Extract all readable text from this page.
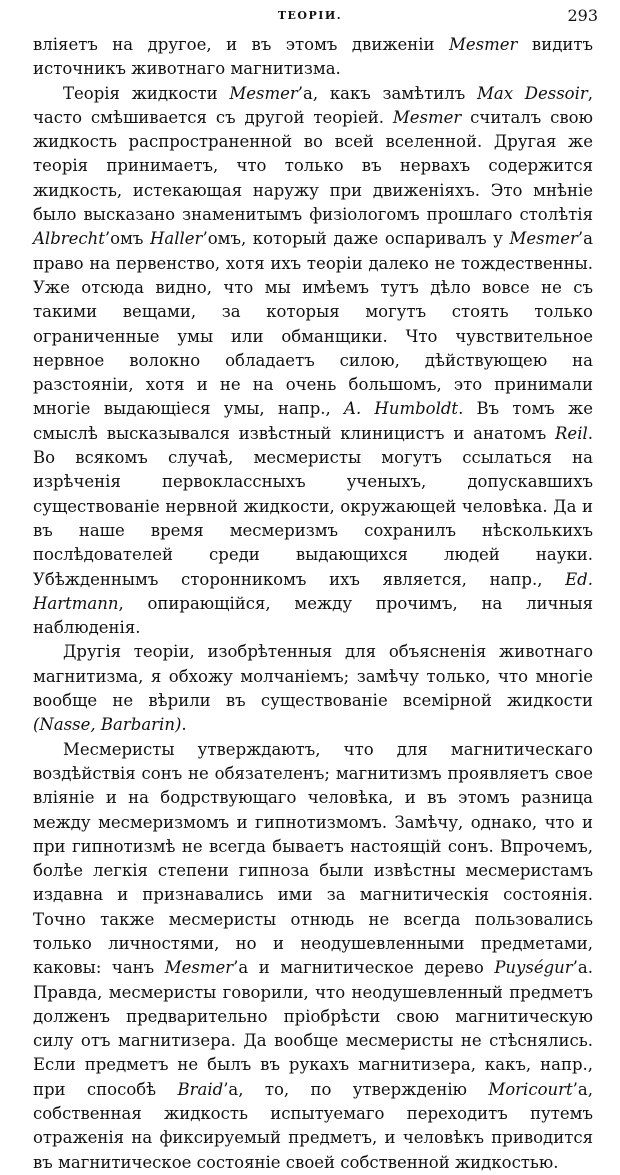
ТЕОРІИ.	293

вліяетъ на другое, и въ этомъ движеніи Mesmer видитъ источникъ животнаго магнитизма.

Теорія жидкости Mesmer’а, какъ замѣтилъ Max Dessoir, часто смѣшивается съ другой теоріей. Mesmer считалъ свою жидкость распространенной во всей вселенной. Другая же теорія принимаетъ, что только въ нервахъ содержится жидкость, истекающая наружу при движеніяхъ. Это мнѣніе было высказано знаменитымъ физіологомъ прошлаго столѣтія Albrecht’омъ Haller’омъ, который даже оспаривалъ у Mesmer’а право на первенство, хотя ихъ теоріи далеко не тождественны. Уже отсюда видно, что мы имѣемъ тутъ дѣло вовсе не съ такими вещами, за которыя могутъ стоять только ограниченные умы или обманщики. Что чувствительное нервное волокно обладаетъ силою, дѣйствующею на разстояніи, хотя и не на очень большомъ, это принимали многіе выдающіеся умы, напр., A. Humboldt. Въ томъ же смыслѣ высказывался извѣстный клиницистъ и анатомъ Reil. Во всякомъ случаѣ, месмеристы могутъ ссылаться на изрѣченія первоклассныхъ ученыхъ, допускавшихъ существованіе нервной жидкости, окружающей человѣка. Да и въ наше время месмеризмъ сохранилъ нѣсколькихъ послѣдователей среди выдающихся людей науки. Убѣжденнымъ сторонникомъ ихъ является, напр., Ed. Hartmann, опирающійся, между прочимъ, на личныя наблюденія.

Другія теоріи, изобрѣтенныя для объясненія животнаго магнитизма, я обхожу молчаніемъ; замѣчу только, что многіе вообще не вѣрили въ существованіе всемірной жидкости (Nasse, Barbarin).

Месмеристы утверждаютъ, что для магнитическаго воздѣйствія сонъ не обязателенъ; магнитизмъ проявляетъ свое вліяніе и на бодрствующаго человѣка, и въ этомъ разница между месмеризмомъ и гипнотизмомъ. Замѣчу, однако, что и при гипнотизмѣ не всегда бываетъ настоящій сонъ. Впрочемъ, болѣе легкія степени гипноза были извѣстны месмеристамъ издавна и признавались ими за магнитическія состоянія. Точно также месмеристы отнюдь не всегда пользовались только личностями, но и неодушевленными предметами, каковы: чанъ Mesmer’а и магнитическое дерево Puységur’а. Правда, месмеристы говорили, что неодушевленный предметъ долженъ предварительно пріобрѣсти свою магнитическую силу отъ магнитизера. Да вообще месмеристы не стѣснялись. Если предметъ не былъ въ рукахъ магнитизера, какъ, напр., при способѣ Braid’а, то, по утвержденію Moricourt’а, собственная жидкость испытуемаго переходитъ путемъ отраженія на фиксируемый предметъ, и человѣкъ приводится въ магнитическое состояніе своей собственной жидкостью.
